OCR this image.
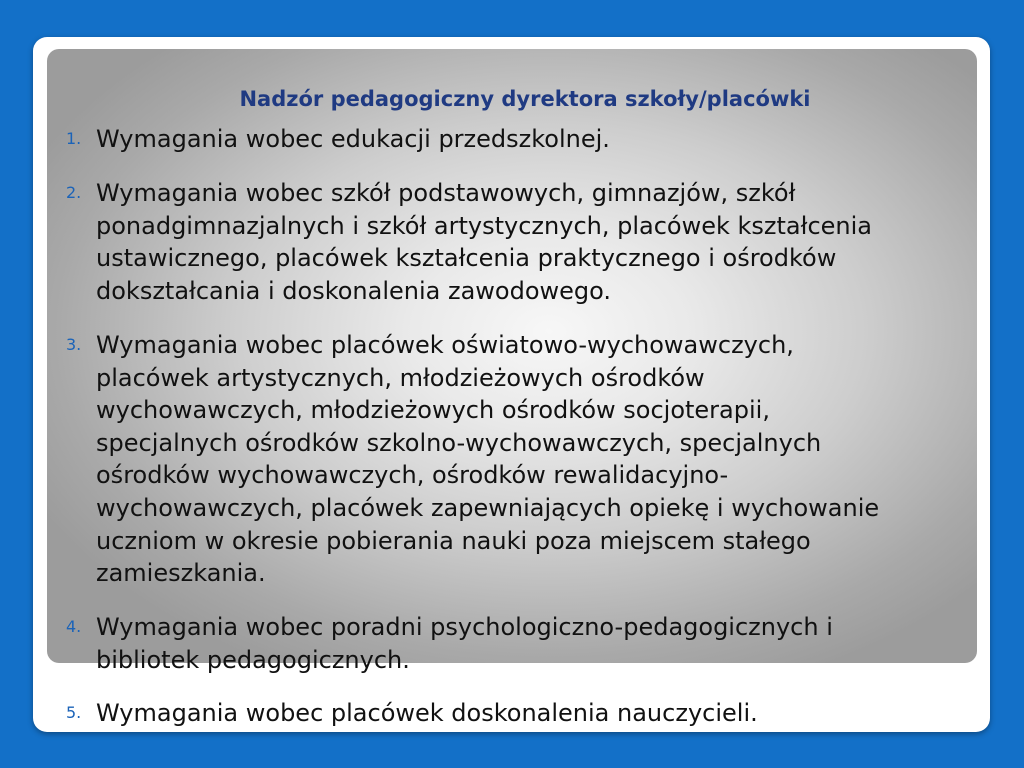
Nadzór pedagogiczny dyrektora szkoły/placówki
1. Wymagania wobec edukacji przedszkolnej.
2. Wymagania wobec szkół podstawowych, gimnazjów, szkół
ponadgimnazjalnych i szkół artystycznych, placówek kształcenia
ustawicznego, placówek kształcenia praktycznego i ośrodków
dokształcania i doskonalenia zawodowego.
3. Wymagania wobec placówek oświatowo-wychowawczych,
placówek artystycznych, młodzieżowych ośrodków
wychowawczych, młodzieżowych ośrodków socjoterapii,
specjalnych ośrodków szkolno-wychowawczych, specjalnych
ośrodków wychowawczych, ośrodków rewalidacyjno-
wychowawczych, placówek zapewniających opiekę i wychowanie
uczniom w okresie pobierania nauki poza miejscem stałego
zamieszkania.
4. Wymagania wobec poradni psychologiczno-pedagogicznych i
bibliotek pedagogicznych.
5. Wymagania wobec placówek doskonalenia nauczycieli.
